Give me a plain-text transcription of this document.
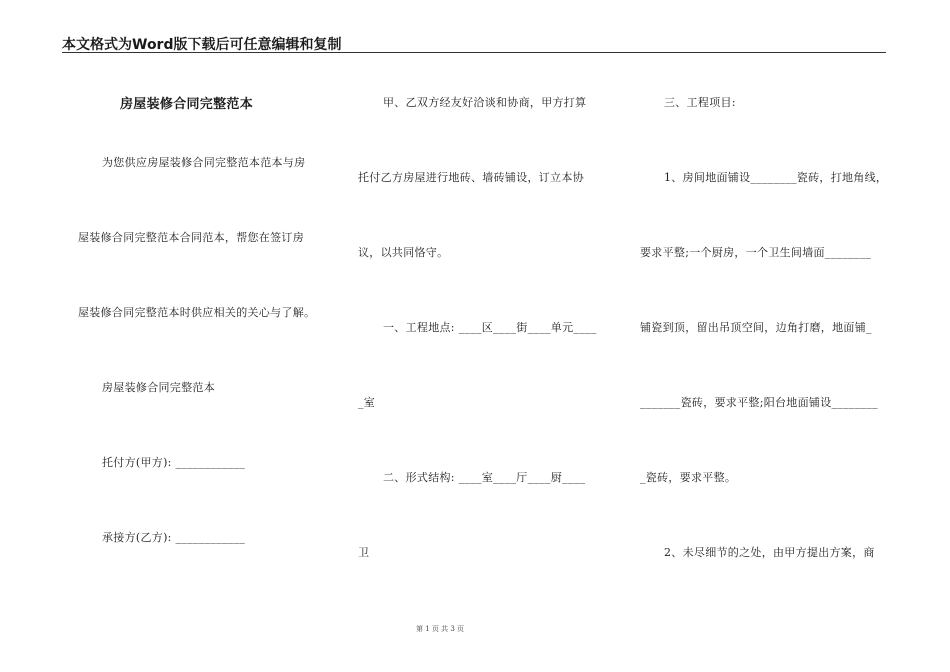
本文格式为Word版下载后可任意编辑和复制
房屋装修合同完整范本
为您供应房屋装修合同完整范本范本与房
屋装修合同完整范本合同范本，帮您在签订房
屋装修合同完整范本时供应相关的关心与了解。
房屋装修合同完整范本
托付方(甲方): ____________
承接方(乙方): ____________
甲、乙双方经友好洽谈和协商，甲方打算
托付乙方房屋进行地砖、墙砖铺设，订立本协
议，以共同恪守。
一、工程地点: ____区____街____单元____
_室
二、形式结构: ____室____厅____厨____
卫
三、工程项目:
1、房间地面铺设________瓷砖，打地角线，
要求平整;一个厨房，一个卫生间墙面________
铺瓷到顶，留出吊顶空间，边角打磨，地面铺_
_______瓷砖，要求平整;阳台地面铺设________
_瓷砖，要求平整。
2、未尽细节的之处，由甲方提出方案，商
第 1 页 共 3 页
